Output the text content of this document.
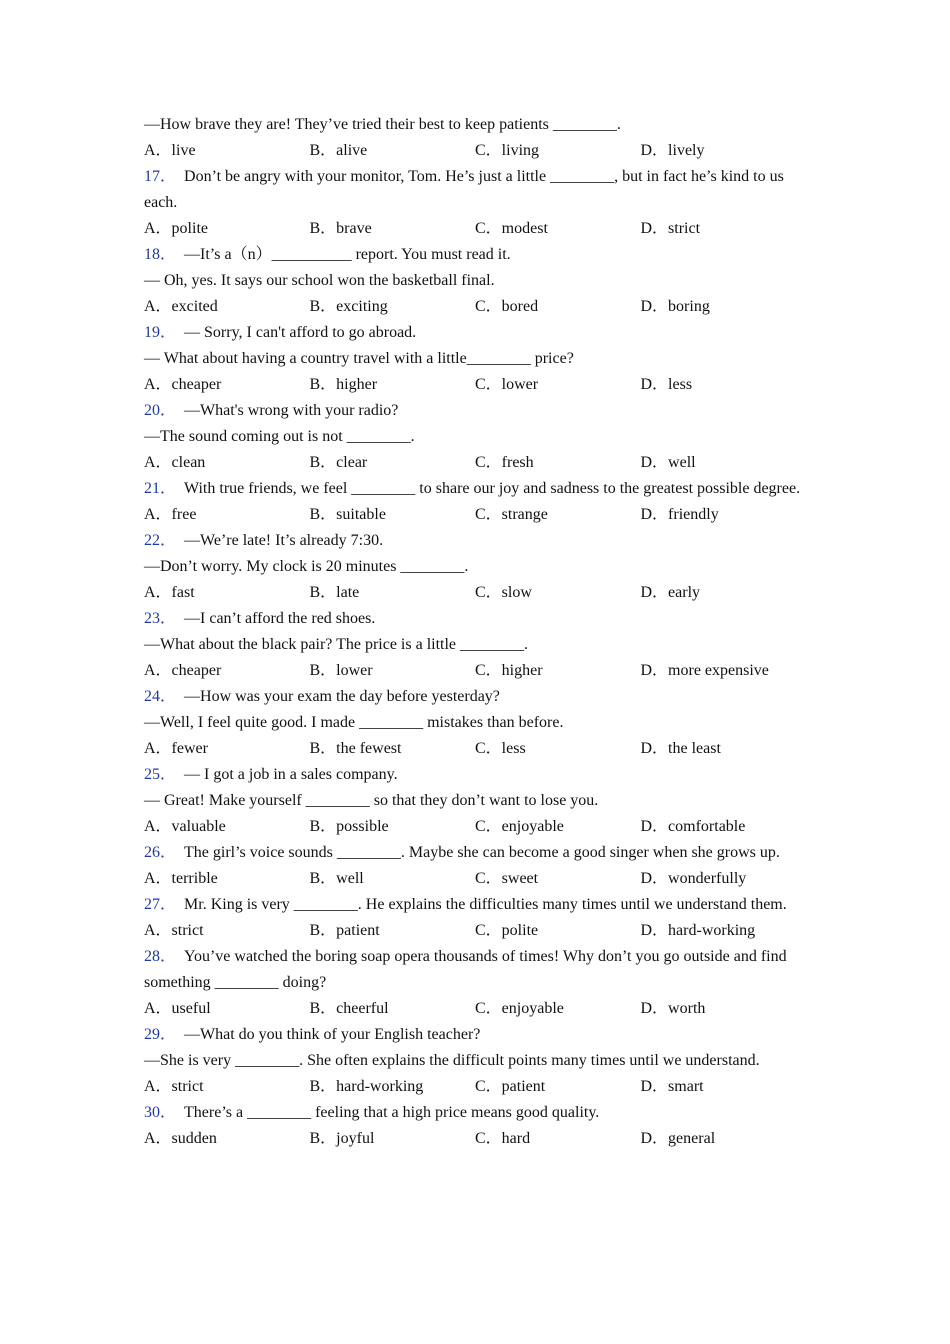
—How brave they are! They’ve tried their best to keep patients ________.
A．live	B．alive	C．living	D．lively
17． Don’t be angry with your monitor, Tom. He’s just a little ________, but in fact he’s kind to us each.
A．polite	B．brave	C．modest	D．strict
18． —It’s a（n）__________ report. You must read it.
— Oh, yes. It says our school won the basketball final.
A．excited	B．exciting	C．bored	D．boring
19． — Sorry, I can't afford to go abroad.
— What about having a country travel with a little________ price?
A．cheaper	B．higher	C．lower	D．less
20． —What's wrong with your radio?
—The sound coming out is not ________.
A．clean	B．clear	C．fresh	D．well
21． With true friends, we feel ________ to share our joy and sadness to the greatest possible degree.
A．free	B．suitable	C．strange	D．friendly
22． —We’re late! It’s already 7:30.
—Don’t worry. My clock is 20 minutes ________.
A．fast	B．late	C．slow	D．early
23． —I can’t afford the red shoes.
—What about the black pair? The price is a little ________.
A．cheaper	B．lower	C．higher	D．more expensive
24． —How was your exam the day before yesterday?
—Well, I feel quite good. I made ________ mistakes than before.
A．fewer	B．the fewest	C．less	D．the least
25． — I got a job in a sales company.
— Great! Make yourself ________ so that they don’t want to lose you.
A．valuable	B．possible	C．enjoyable	D．comfortable
26． The girl’s voice sounds ________. Maybe she can become a good singer when she grows up.
A．terrible	B．well	C．sweet	D．wonderfully
27． Mr. King is very ________. He explains the difficulties many times until we understand them.
A．strict	B．patient	C．polite	D．hard-working
28． You’ve watched the boring soap opera thousands of times! Why don’t you go outside and find something ________ doing?
A．useful	B．cheerful	C．enjoyable	D．worth
29． —What do you think of your English teacher?
—She is very ________. She often explains the difficult points many times until we understand.
A．strict	B．hard-working	C．patient	D．smart
30． There’s a ________ feeling that a high price means good quality.
A．sudden	B．joyful	C．hard	D．general
